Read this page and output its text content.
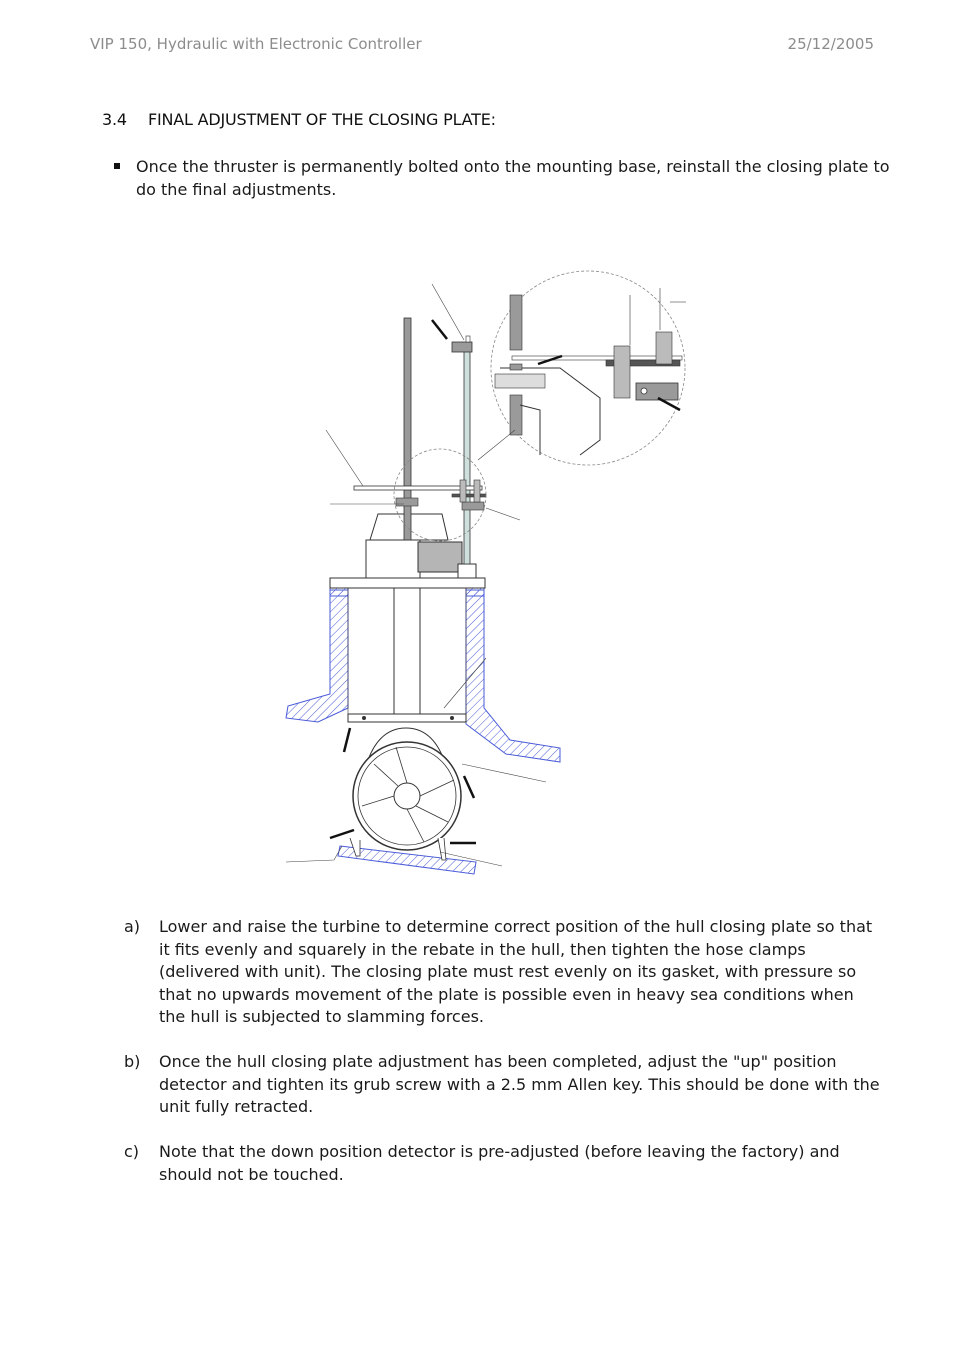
VIP 150, Hydraulic with Electronic Controller	25/12/2005
3.4 FINAL ADJUSTMENT OF THE CLOSING PLATE:
Once the thruster is permanently bolted onto the mounting base, reinstall the closing plate to do the final adjustments.
a) Lower and raise the turbine to determine correct position of the hull closing plate so that it fits evenly and squarely in the rebate in the hull, then tighten the hose clamps (delivered with unit). The closing plate must rest evenly on its gasket, with pressure so that no upwards movement of the plate is possible even in heavy sea conditions when the hull is subjected to slamming forces.
b) Once the hull closing plate adjustment has been completed, adjust the "up" position detector and tighten its grub screw with a 2.5 mm Allen key. This should be done with the unit fully retracted.
c) Note that the down position detector is pre-adjusted (before leaving the factory) and should not be touched.
